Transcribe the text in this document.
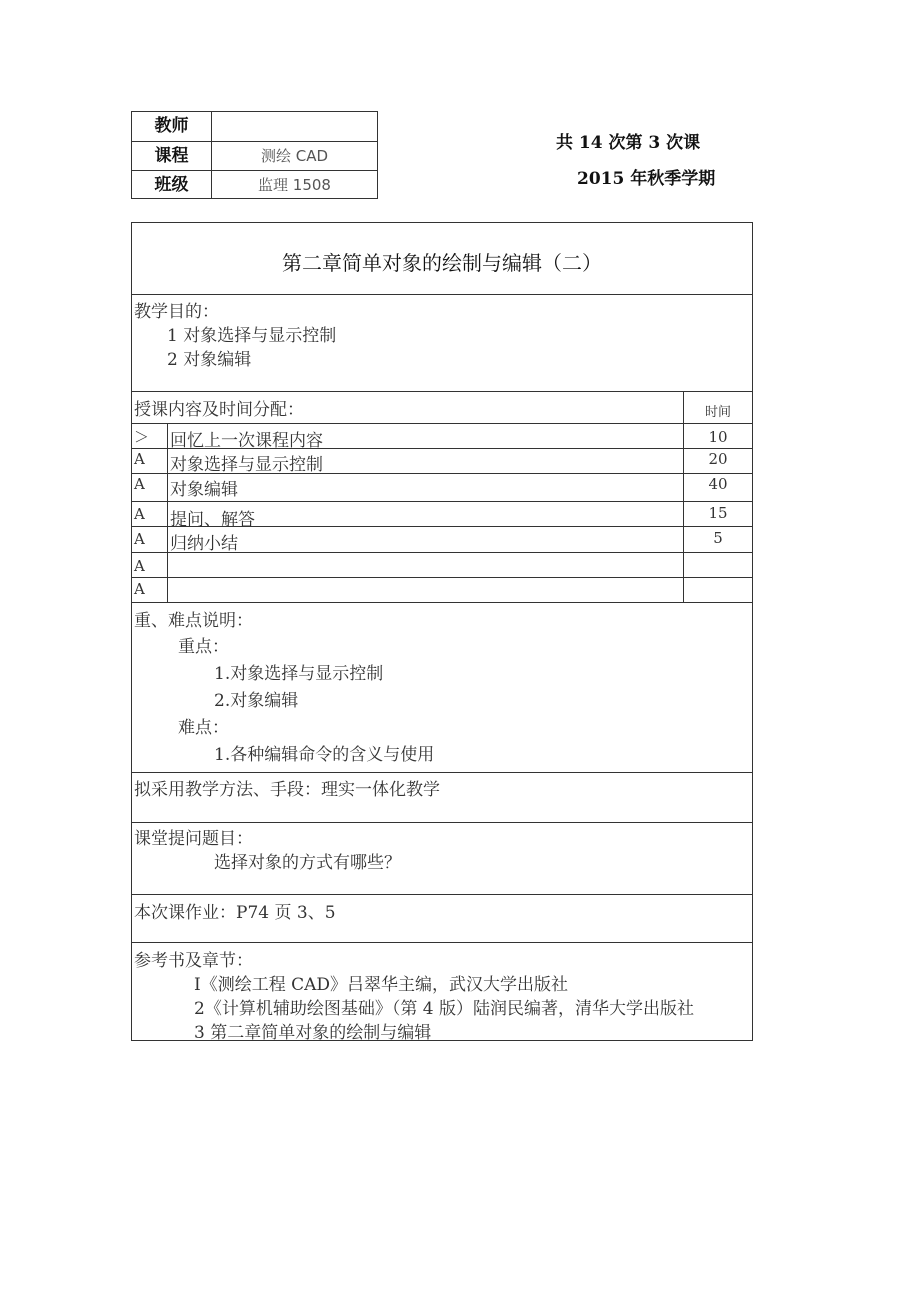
教师
课程	测绘 CAD
班级	监理 1508
共 14 次第 3 次课
2015 年秋季学期
第二章简单对象的绘制与编辑（二）
教学目的：
1 对象选择与显示控制
2 对象编辑
授课内容及时间分配：	时间
＞ 回忆上一次课程内容	10
A 对象选择与显示控制	20
A 对象编辑	40
A 提问、解答	15
A 归纳小结	5
A
A
重、难点说明：
重点：
1.对象选择与显示控制
2.对象编辑
难点：
1.各种编辑命令的含义与使用
拟采用教学方法、手段：理实一体化教学
课堂提问题目：
选择对象的方式有哪些？
本次课作业：P74 页 3、5
参考书及章节：
I《测绘工程 CAD》吕翠华主编，武汉大学出版社
2《计算机辅助绘图基础》（第 4 版）陆润民编著，清华大学出版社
3 第二章简单对象的绘制与编辑
